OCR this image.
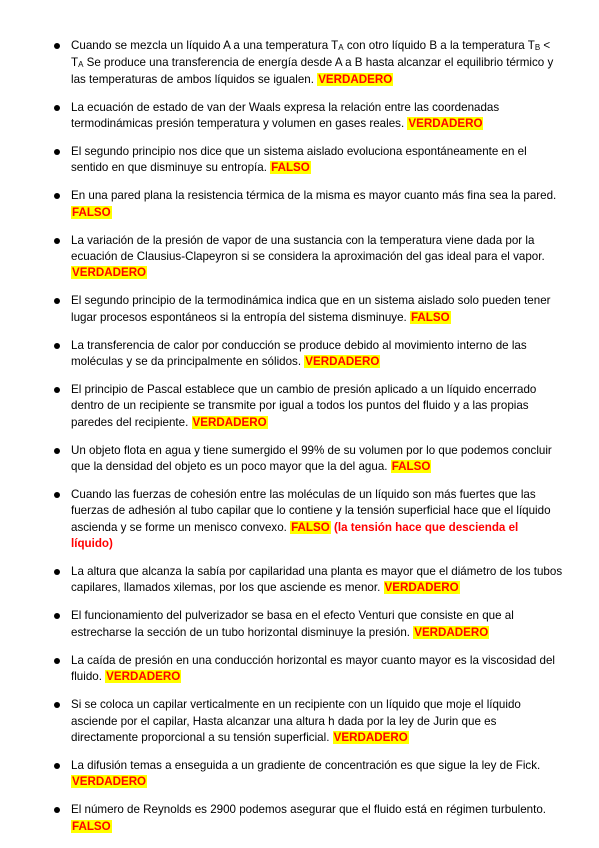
Cuando se mezcla un líquido A a una temperatura $T_A$ con otro líquido B a la temperatura $T_B < T_A$ Se produce una transferencia de energía desde A a B hasta alcanzar el equilibrio térmico y las temperaturas de ambos líquidos se igualen. VERDADERO
La ecuación de estado de van der Waals expresa la relación entre las coordenadas termodinámicas presión temperatura y volumen en gases reales. VERDADERO
El segundo principio nos dice que un sistema aislado evoluciona espontáneamente en el sentido en que disminuye su entropía. FALSO
En una pared plana la resistencia térmica de la misma es mayor cuanto más fina sea la pared. FALSO
La variación de la presión de vapor de una sustancia con la temperatura viene dada por la ecuación de Clausius-Clapeyron si se considera la aproximación del gas ideal para el vapor. VERDADERO
El segundo principio de la termodinámica indica que en un sistema aislado solo pueden tener lugar procesos espontáneos si la entropía del sistema disminuye. FALSO
La transferencia de calor por conducción se produce debido al movimiento interno de las moléculas y se da principalmente en sólidos. VERDADERO
El principio de Pascal establece que un cambio de presión aplicado a un líquido encerrado dentro de un recipiente se transmite por igual a todos los puntos del fluido y a las propias paredes del recipiente. VERDADERO
Un objeto flota en agua y tiene sumergido el 99% de su volumen por lo que podemos concluir que la densidad del objeto es un poco mayor que la del agua. FALSO
Cuando las fuerzas de cohesión entre las moléculas de un líquido son más fuertes que las fuerzas de adhesión al tubo capilar que lo contiene y la tensión superficial hace que el líquido ascienda y se forme un menisco convexo. FALSO (la tensión hace que descienda el líquido)
La altura que alcanza la sabía por capilaridad una planta es mayor que el diámetro de los tubos capilares, llamados xilemas, por los que asciende es menor. VERDADERO
El funcionamiento del pulverizador se basa en el efecto Venturi que consiste en que al estrecharse la sección de un tubo horizontal disminuye la presión. VERDADERO
La caída de presión en una conducción horizontal es mayor cuanto mayor es la viscosidad del fluido. VERDADERO
Si se coloca un capilar verticalmente en un recipiente con un líquido que moje el líquido asciende por el capilar, Hasta alcanzar una altura h dada por la ley de Jurin que es directamente proporcional a su tensión superficial. VERDADERO
La difusión temas a enseguida a un gradiente de concentración es que sigue la ley de Fick. VERDADERO
El número de Reynolds es 2900 podemos asegurar que el fluido está en régimen turbulento. FALSO
